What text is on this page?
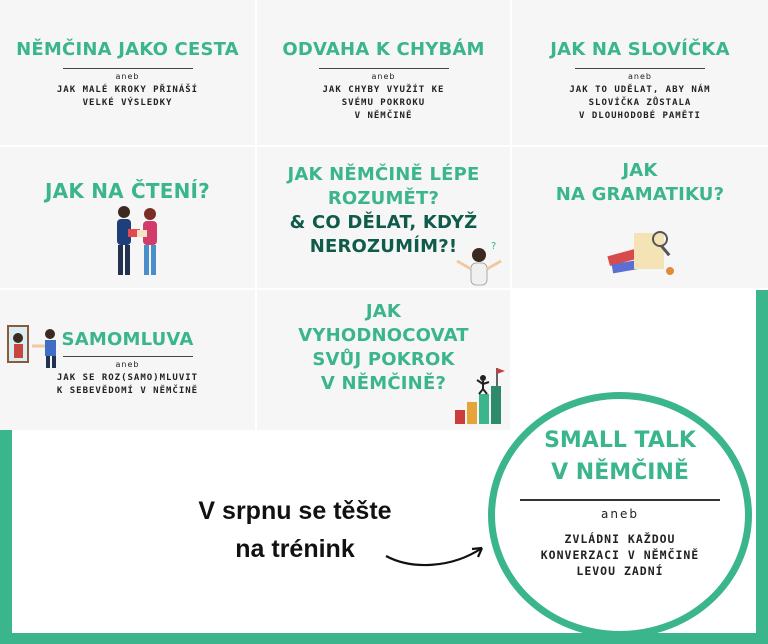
NĚMČINA JAKO CESTA
aneb
JAK MALÉ KROKY PŘINÁŠÍ
VELKÉ VÝSLEDKY
ODVAHA K CHYBÁM
aneb
JAK CHYBY VYUŽÍT KE
SVÉMU POKROKU
V NĚMČINĚ
JAK NA SLOVÍČKA
aneb
JAK TO UDĚLAT, ABY NÁM
SLOVÍČKA ZŮSTALA
V DLOUHODOBÉ PAMĚTI
JAK NA ČTENÍ?
JAK NĚMČINĚ LÉPE
ROZUMĚT?
& CO DĚLAT, KDYŽ
NEROZUMÍM?!	?
JAK
NA GRAMATIKU?
SAMOMLUVA
aneb
JAK SE ROZ(SAMO)MLUVIT
K SEBEVĚDOMÍ V NĚMČINĚ
JAK
VYHODNOCOVAT
SVŮJ POKROK
V NĚMČINĚ?
V srpnu se těšte
na trénink
SMALL TALK
V NĚMČINĚ
aneb
ZVLÁDNI KAŽDOU
KONVERZACI V NĚMČINĚ
LEVOU ZADNÍ
